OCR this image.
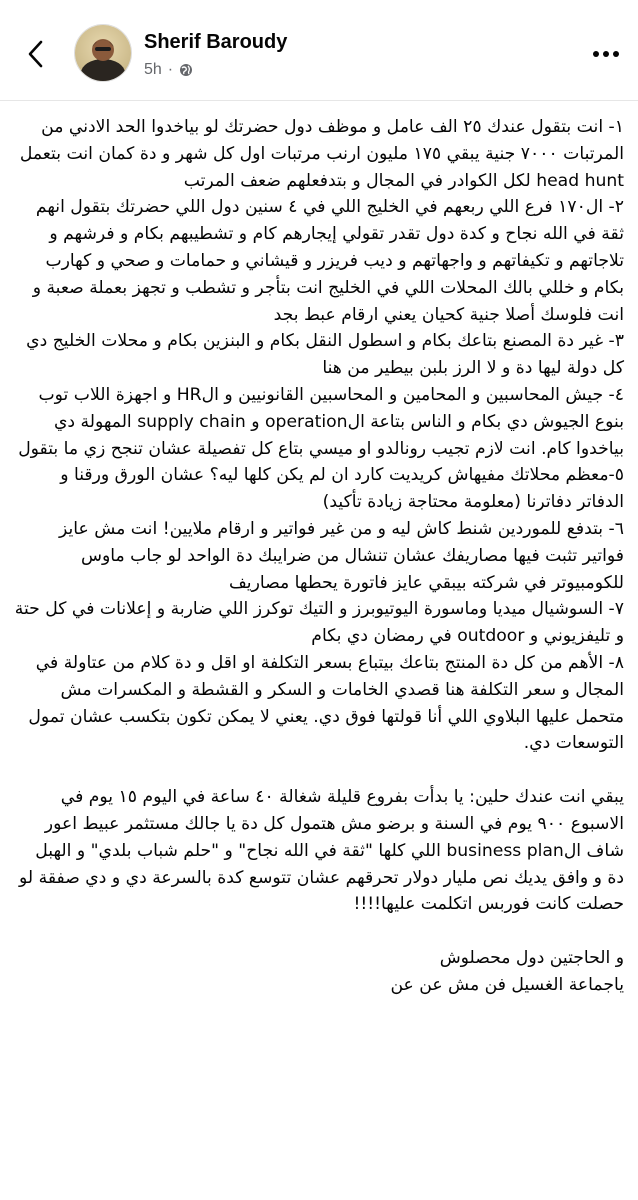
Sherif Baroudy
5h ·

١- انت بتقول عندك ٢٥ الف عامل و موظف دول حضرتك لو بياخدوا الحد الادني من المرتبات ٧٠٠٠ جنية يبقي ١٧٥ مليون ارنب مرتبات اول كل شهر و دة كمان انت بتعمل head hunt لكل الكوادر في المجال و بتدفعلهم ضعف المرتب

٢- ال١٧٠ فرع اللي ربعهم في الخليج اللي في ٤ سنين دول اللي حضرتك بتقول انهم ثقة في الله نجاح و كدة دول تقدر تقولي إيجارهم كام و تشطيبهم بكام و فرشهم و تلاجاتهم و تكيفاتهم و واجهاتهم و ديب فريزر و قيشاني و حمامات و صحي و كهارب بكام و خللي بالك المحلات اللي في الخليج انت بتأجر و تشطب و تجهز بعملة صعبة و انت فلوسك أصلا جنية كحيان يعني ارقام عبط بجد

٣- غير دة المصنع بتاعك بكام و اسطول النقل بكام و البنزين بكام و محلات الخليج دي كل دولة ليها دة و لا الرز بلبن بيطير من هنا

٤- جيش المحاسبين و المحامين و المحاسبين القانونيين و الHR و اجهزة اللاب توب بنوع الجيوش دي بكام و الناس بتاعة الoperation و supply chain المهولة دي بياخدوا كام. انت لازم تجيب رونالدو او ميسي بتاع كل تفصيلة عشان تنجح زي ما بتقول

٥-معظم محلاتك مفيهاش كريديت كارد ان لم يكن كلها ليه؟ عشان الورق ورقنا و الدفاتر دفاترنا (معلومة محتاجة زيادة تأكيد)

٦- بتدفع للموردين شنط كاش ليه و من غير فواتير و ارقام ملايين! انت مش عايز فواتير تثبت فيها مصاريفك عشان تنشال من ضرايبك دة الواحد لو جاب ماوس للكومبيوتر في شركته بيبقي عايز فاتورة يحطها مصاريف

٧- السوشيال ميديا وماسورة اليوتيوبرز و التيك توكرز اللي ضاربة و إعلانات في كل حتة و تليفزيوني و outdoor في رمضان دي بكام

٨- الأهم من كل دة المنتج بتاعك بيتباع بسعر التكلفة او اقل و دة كلام من عتاولة في المجال و سعر التكلفة هنا قصدي الخامات و السكر و القشطة و المكسرات مش متحمل عليها البلاوي اللي أنا قولتها فوق دي. يعني لا يمكن تكون بتكسب عشان تمول التوسعات دي.

يبقي انت عندك حلين: يا بدأت بفروع قليلة شغالة ٤٠ ساعة في اليوم ١٥ يوم في الاسبوع ٩٠٠ يوم في السنة و برضو مش هتمول كل دة يا جالك مستثمر عبيط اعور شاف الbusiness plan اللي كلها "ثقة في الله نجاح" و "حلم شباب بلدي" و الهبل دة و وافق يديك نص مليار دولار تحرقهم عشان تتوسع كدة بالسرعة دي و دي صفقة لو حصلت كانت فوربس اتكلمت عليها!!!!

و الحاجتين دول محصلوش

ياجماعة الغسيل فن مش عن عن
